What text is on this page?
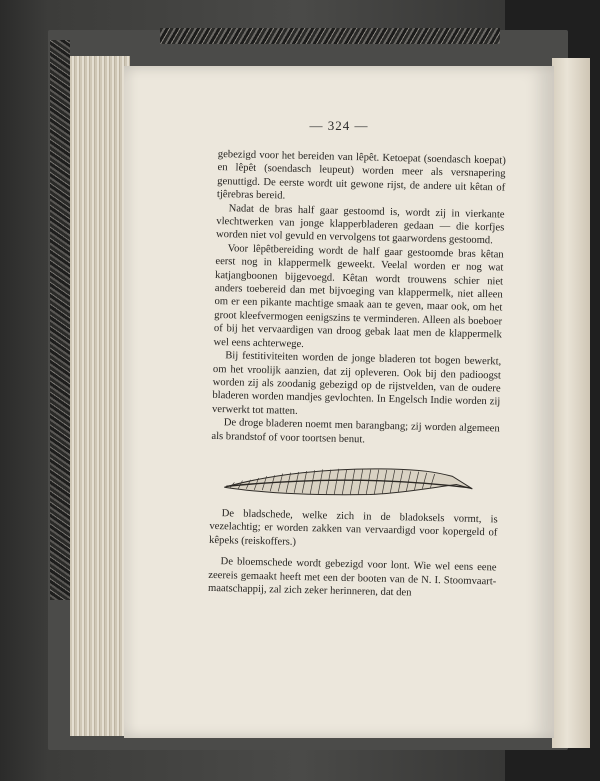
— 324 —

gebezigd voor het bereiden van lêpêt. Ketoepat (soendasch koepat) en lêpêt (soendasch leupeut) worden meer als versnapering genuttigd. De eerste wordt uit gewone rijst, de andere uit kêtan of tjêrebras bereid.

Nadat de bras half gaar gestoomd is, wordt zij in vierkante vlechtwerken van jonge klapperbladeren gedaan — die korfjes worden niet vol gevuld en vervolgens tot gaarwordens gestoomd.

Voor lêpêtbereiding wordt de half gaar gestoomde bras kêtan eerst nog in klappermelk geweekt. Veelal worden er nog wat katjangboonen bijgevoegd. Kêtan wordt trouwens schier niet anders toebereid dan met bijvoeging van klappermelk, niet alleen om er een pikante machtige smaak aan te geven, maar ook, om het groot kleefvermogen eenigszins te verminderen. Alleen als boeboer of bij het vervaardigen van droog gebak laat men de klappermelk wel eens achterwege.

Bij festitiviteiten worden de jonge bladeren tot bogen bewerkt, om het vroolijk aanzien, dat zij opleveren. Ook bij den padioogst worden zij als zoodanig gebezigd op de rijstvelden, van de oudere bladeren worden mandjes gevlochten. In Engelsch Indie worden zij verwerkt tot matten.

De droge bladeren noemt men barangbang; zij worden algemeen als brandstof of voor toortsen benut.

De bladschede, welke zich in de bladoksels vormt, is vezelachtig; er worden zakken van vervaardigd voor kopergeld of kêpeks (reiskoffers.)

De bloemschede wordt gebezigd voor lont. Wie wel eens eene zeereis gemaakt heeft met een der booten van de N. I. Stoomvaart-maatschappij, zal zich zeker herinneren, dat den
